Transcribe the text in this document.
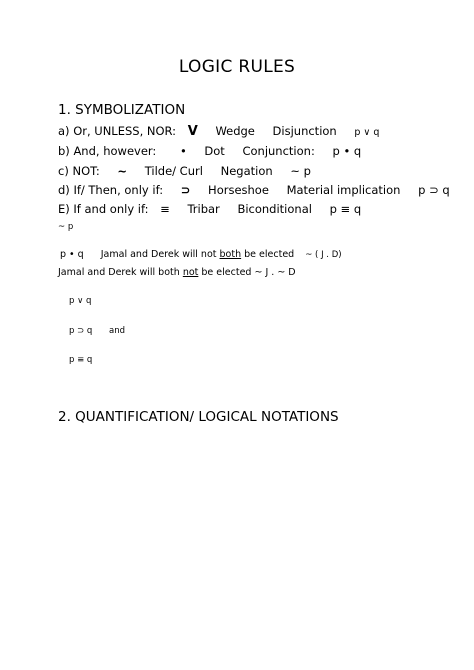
LOGIC RULES
1. SYMBOLIZATION
a) Or, UNLESS, NOR: V Wedge Disjunction p ∨ q
b) And, however: • Dot Conjunction: p • q
c) NOT: ~ Tilde/ Curl Negation ~ p
d) If/ Then, only if: ⊃ Horseshoe Material implication p ⊃ q
E) If and only if: ≡ Tribar Biconditional p ≡ q
~ p
p • q Jamal and Derek will not both be elected ~ ( J . D)
Jamal and Derek will both not be elected ~ J . ~ D
p ∨ q
p ⊃ q and
p ≡ q
2. QUANTIFICATION/ LOGICAL NOTATIONS
